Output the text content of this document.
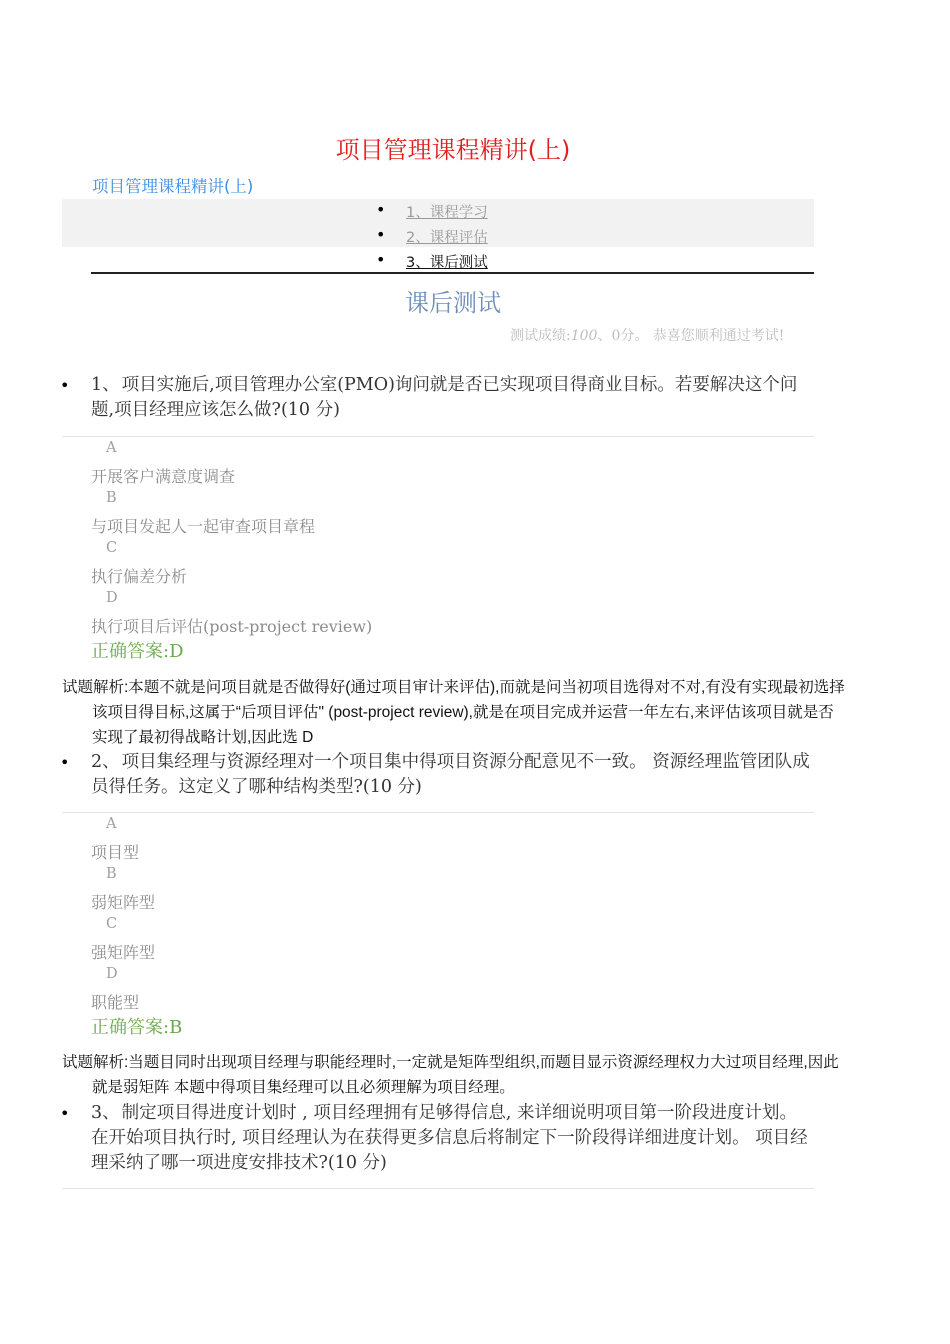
项目管理课程精讲(上)
项目管理课程精讲(上)
• 1、课程学习
• 2、课程评估
• 3、课后测试
课后测试
测试成绩:100、0分。 恭喜您顺利通过考试!
• 1、 项目实施后,项目管理办公室(PMO)询问就是否已实现项目得商业目标。若要解决这个问题,项目经理应该怎么做?(10 分)
A
开展客户满意度调查
B
与项目发起人一起审查项目章程
C
执行偏差分析
D
执行项目后评估(post-project review)
正确答案:D
试题解析:本题不就是问项目就是否做得好(通过项目审计来评估),而就是问当初项目选得对不对,有没有实现最初选择该项目得目标,这属于“后项目评估" (post-project review),就是在项目完成并运营一年左右,来评估该项目就是否实现了最初得战略计划,因此选 D
• 2、 项目集经理与资源经理对一个项目集中得项目资源分配意见不一致。 资源经理监管团队成员得任务。这定义了哪种结构类型?(10 分)
A
项目型
B
弱矩阵型
C
强矩阵型
D
职能型
正确答案:B
试题解析:当题目同时出现项目经理与职能经理时,一定就是矩阵型组织,而题目显示资源经理权力大过项目经理,因此就是弱矩阵 本题中得项目集经理可以且必须理解为项目经理。
• 3、 制定项目得进度计划时 , 项目经理拥有足够得信息, 来详细说明项目第一阶段进度计划。 在开始项目执行时, 项目经理认为在获得更多信息后将制定下一阶段得详细进度计划。 项目经理采纳了哪一项进度安排技术?(10 分)
